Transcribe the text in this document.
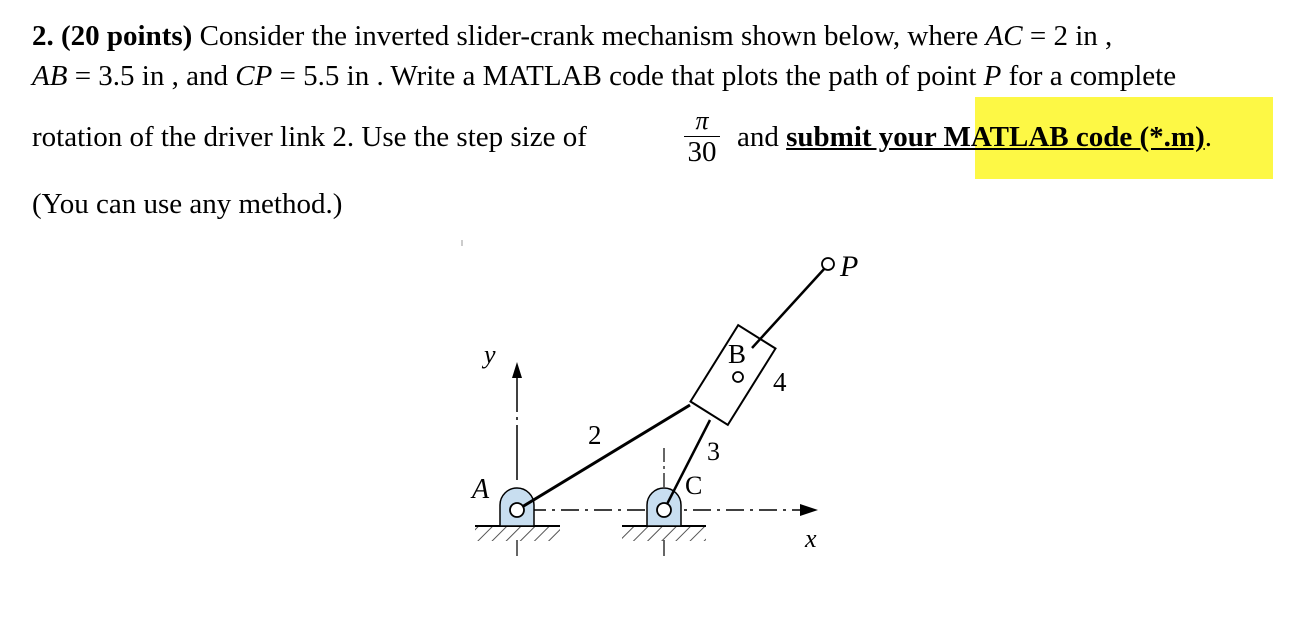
2. (20 points) Consider the inverted slider-crank mechanism shown below, where AC = 2 in ,
AB = 3.5 in , and CP = 5.5 in . Write a MATLAB code that plots the path of point P for a complete
rotation of the driver link 2. Use the step size of
π
30 and submit your MATLAB code (*.m).
(You can use any method.)
y
x
P
B
4
A	C
2
3
